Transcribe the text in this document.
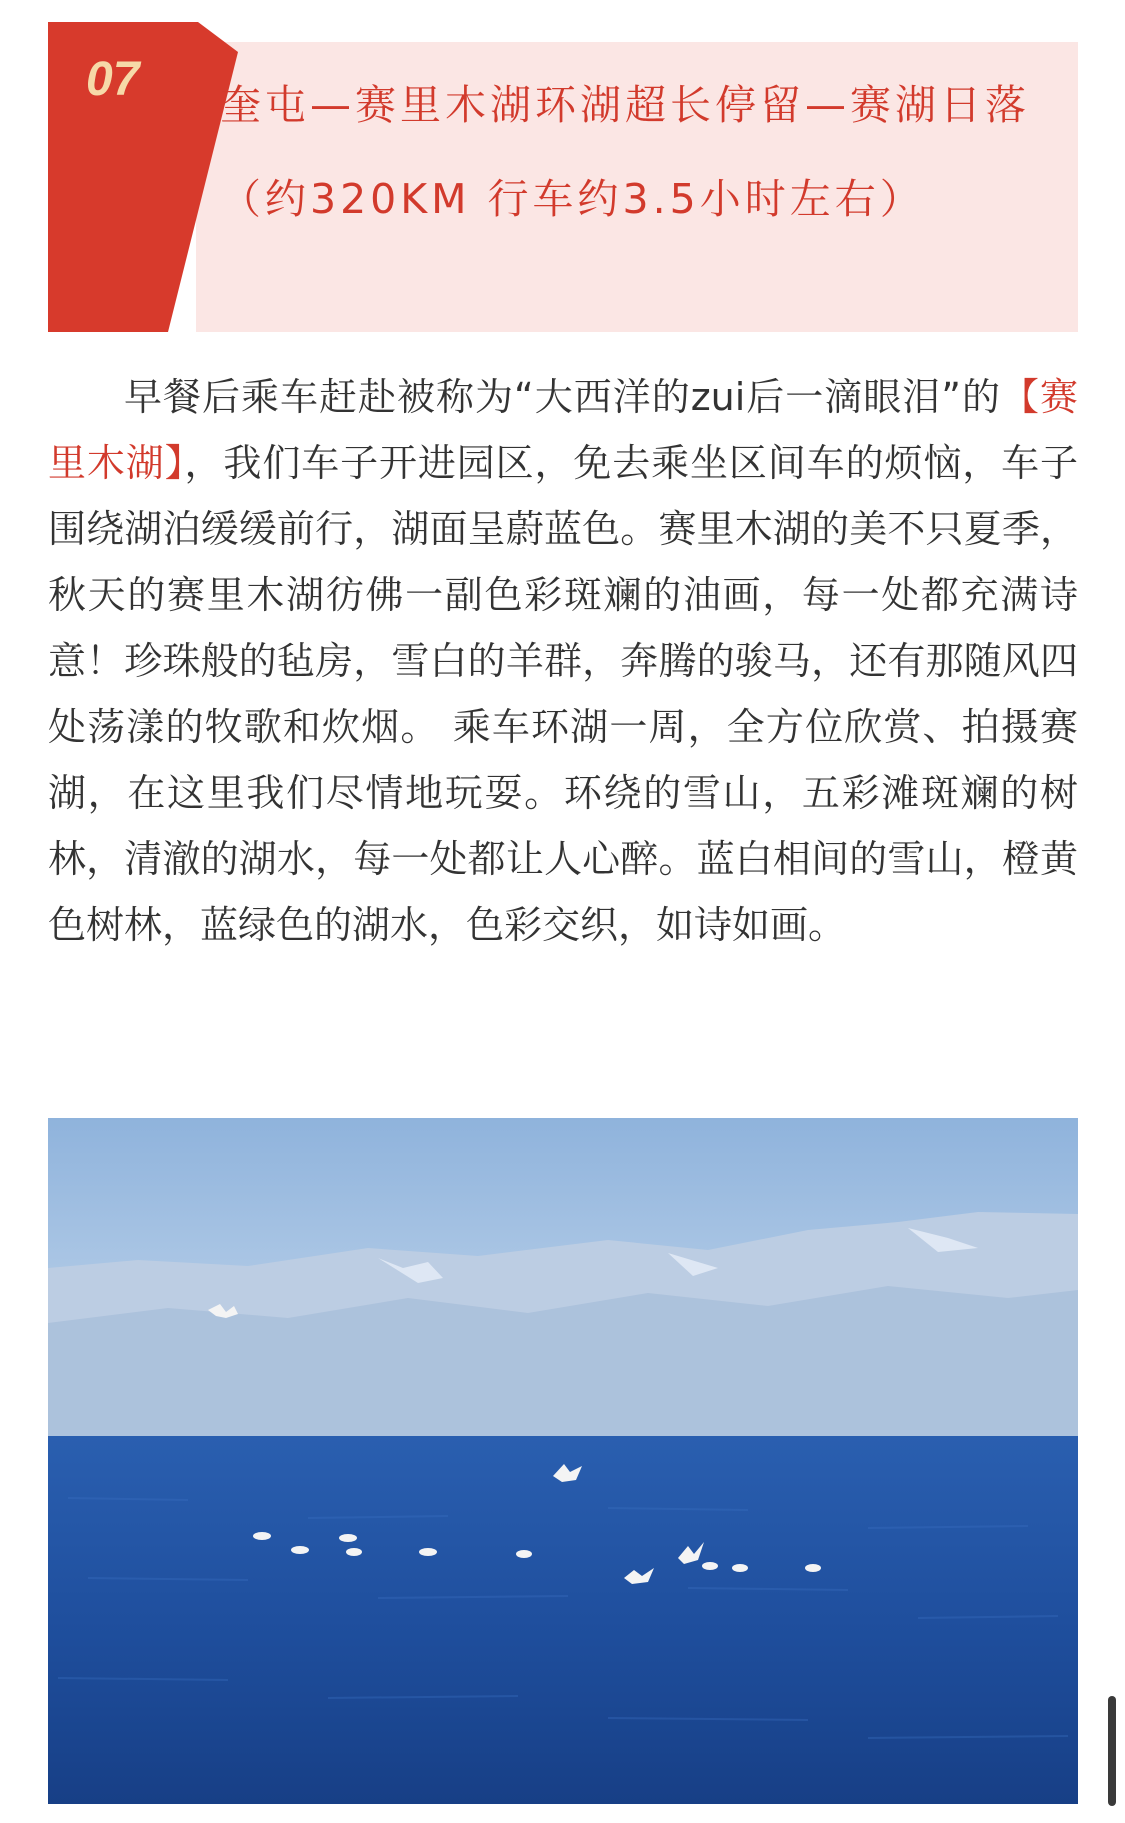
07 奎屯—赛里木湖环湖超长停留—赛湖日落（约320KM 行车约3.5小时左右）

早餐后乘车赶赴被称为“大西洋的zui后一滴眼泪”的【赛里木湖】，我们车子开进园区，免去乘坐区间车的烦恼，车子围绕湖泊缓缓前行，湖面呈蔚蓝色。赛里木湖的美不只夏季，秋天的赛里木湖彷佛一副色彩斑斓的油画，每一处都充满诗意！珍珠般的毡房，雪白的羊群，奔腾的骏马，还有那随风四处荡漾的牧歌和炊烟。 乘车环湖一周，全方位欣赏、拍摄赛湖，在这里我们尽情地玩耍。环绕的雪山，五彩滩斑斓的树林，清澈的湖水，每一处都让人心醉。蓝白相间的雪山，橙黄色树林，蓝绿色的湖水，色彩交织，如诗如画。
